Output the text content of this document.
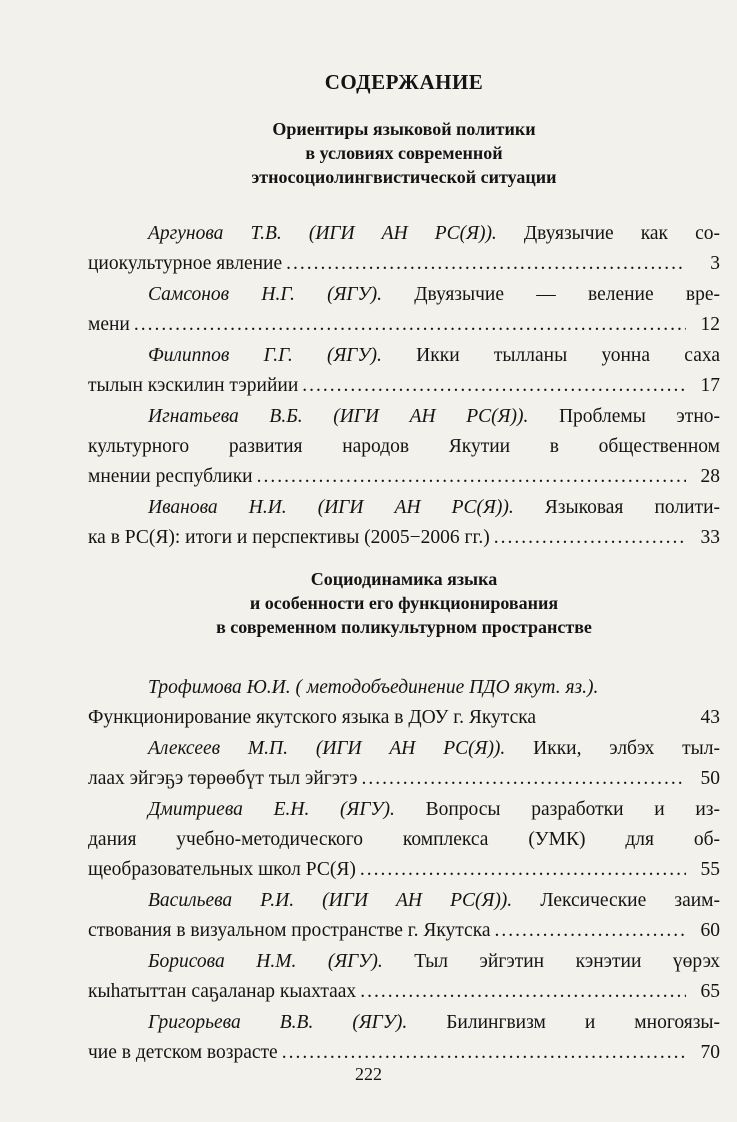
СОДЕРЖАНИЕ
Ориентиры языковой политики
в условиях современной
этносоциолингвистической ситуации
Аргунова Т.В. (ИГИ АН РС(Я)). Двуязычие как со-
циокультурное явление .....	3
Самсонов Н.Г. (ЯГУ). Двуязычие — веление вре-
мени .....	12
Филиппов Г.Г. (ЯГУ). Икки тылланы уонна саха
тылын кэскилин тэрийии .....	17
Игнатьева В.Б. (ИГИ АН РС(Я)). Проблемы этно-
культурного развития народов Якутии в общественном
мнении республики .....	28
Иванова Н.И. (ИГИ АН РС(Я)). Языковая полити-
ка в РС(Я): итоги и перспективы (2005−2006 гг.) .....	33
Социодинамика языка
и особенности его функционирования
в современном поликультурном пространстве
Трофимова Ю.И. ( методобъединение ПДО якут. яз.).
Функционирование якутского языка в ДОУ г. Якутска	43
Алексеев М.П. (ИГИ АН РС(Я)). Икки, элбэх тыл-
лаах эйгэҕэ төрөөбүт тыл эйгэтэ .....	50
Дмитриева Е.Н. (ЯГУ). Вопросы разработки и из-
дания учебно-методического комплекса (УМК) для об-
щеобразовательных школ РС(Я) .....	55
Васильева Р.И. (ИГИ АН РС(Я)). Лексические заим-
ствования в визуальном пространстве г. Якутска .....	60
Борисова Н.М. (ЯГУ). Тыл эйгэтин кэнэтии үөрэх
кыһатыттан саҕаланар кыахтаах .....	65
Григорьева В.В. (ЯГУ). Билингвизм и многоязы-
чие в детском возрасте .....	70
222
